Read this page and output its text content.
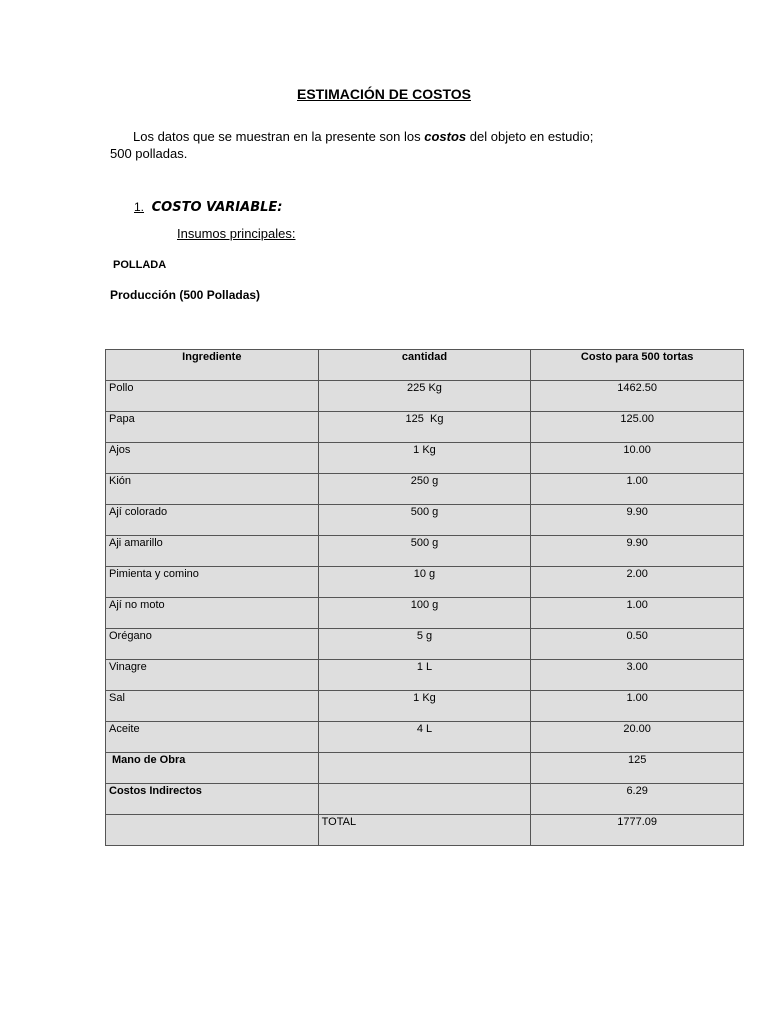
ESTIMACIÓN DE COSTOS
Los datos que se muestran en la presente son los costos del objeto en estudio;
500 polladas.
1. COSTO VARIABLE:
Insumos principales:
POLLADA
Producción (500 Polladas)
Ingrediente	cantidad	Costo para 500 tortas
Pollo	225 Kg	1462.50
Papa	125  Kg	125.00
Ajos	1 Kg	10.00
Kión	250 g	1.00
Ají colorado	500 g	9.90
Aji amarillo	500 g	9.90
Pimienta y comino	10 g	2.00
Ají no moto	100 g	1.00
Orégano	5 g	0.50
Vinagre	1 L	3.00
Sal	1 Kg	1.00
Aceite	4 L	20.00
Mano de Obra		125
Costos Indirectos		6.29
	TOTAL	1777.09
